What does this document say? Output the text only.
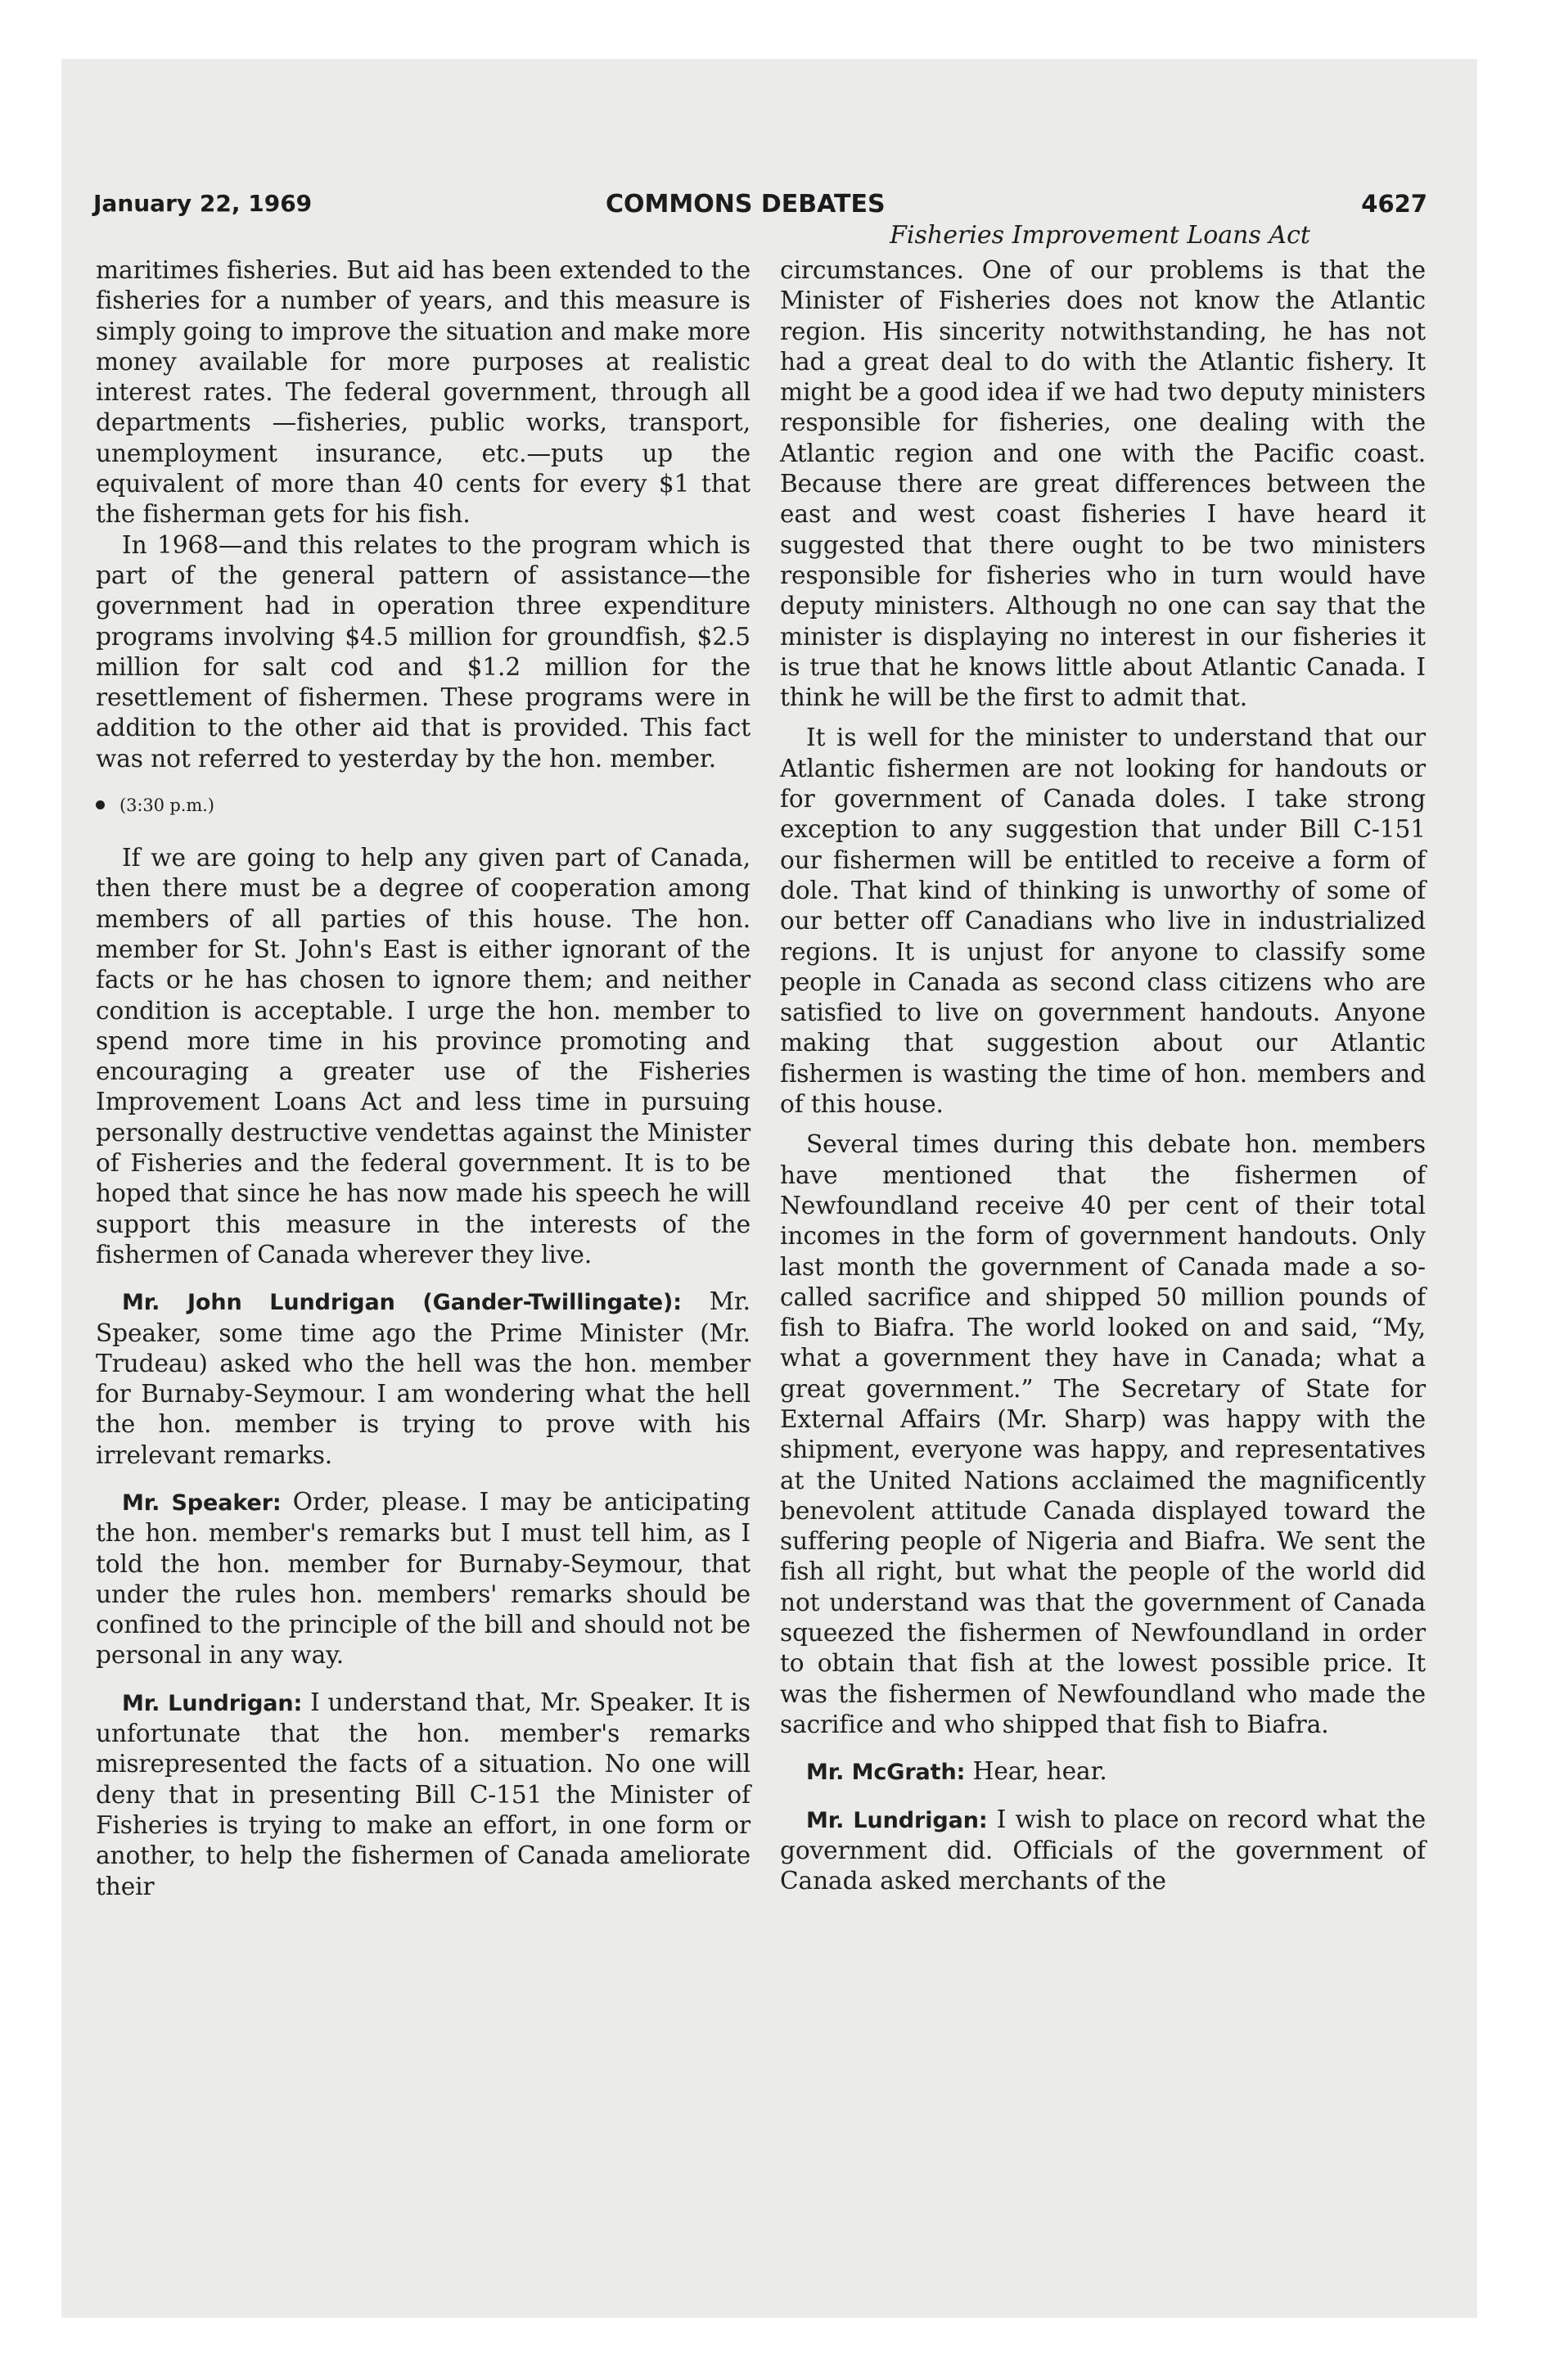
January 22, 1969	COMMONS DEBATES	4627
Fisheries Improvement Loans Act

maritimes fisheries. But aid has been extended to the fisheries for a number of years, and this measure is simply going to improve the situation and make more money available for more purposes at realistic interest rates. The federal government, through all departments —fisheries, public works, transport, unemployment insurance, etc.—puts up the equivalent of more than 40 cents for every $1 that the fisherman gets for his fish.

In 1968—and this relates to the program which is part of the general pattern of assistance—the government had in operation three expenditure programs involving $4.5 million for groundfish, $2.5 million for salt cod and $1.2 million for the resettlement of fishermen. These programs were in addition to the other aid that is provided. This fact was not referred to yesterday by the hon. member.

(3:30 p.m.)

If we are going to help any given part of Canada, then there must be a degree of cooperation among members of all parties of this house. The hon. member for St. John's East is either ignorant of the facts or he has chosen to ignore them; and neither condition is acceptable. I urge the hon. member to spend more time in his province promoting and encouraging a greater use of the Fisheries Improvement Loans Act and less time in pursuing personally destructive vendettas against the Minister of Fisheries and the federal government. It is to be hoped that since he has now made his speech he will support this measure in the interests of the fishermen of Canada wherever they live.

Mr. John Lundrigan (Gander-Twillingate): Mr. Speaker, some time ago the Prime Minister (Mr. Trudeau) asked who the hell was the hon. member for Burnaby-Seymour. I am wondering what the hell the hon. member is trying to prove with his irrelevant remarks.

Mr. Speaker: Order, please. I may be anticipating the hon. member's remarks but I must tell him, as I told the hon. member for Burnaby-Seymour, that under the rules hon. members' remarks should be confined to the principle of the bill and should not be personal in any way.

Mr. Lundrigan: I understand that, Mr. Speaker. It is unfortunate that the hon. member's remarks misrepresented the facts of a situation. No one will deny that in presenting Bill C-151 the Minister of Fisheries is trying to make an effort, in one form or another, to help the fishermen of Canada ameliorate their

circumstances. One of our problems is that the Minister of Fisheries does not know the Atlantic region. His sincerity notwithstanding, he has not had a great deal to do with the Atlantic fishery. It might be a good idea if we had two deputy ministers responsible for fisheries, one dealing with the Atlantic region and one with the Pacific coast. Because there are great differences between the east and west coast fisheries I have heard it suggested that there ought to be two ministers responsible for fisheries who in turn would have deputy ministers. Although no one can say that the minister is displaying no interest in our fisheries it is true that he knows little about Atlantic Canada. I think he will be the first to admit that.

It is well for the minister to understand that our Atlantic fishermen are not looking for handouts or for government of Canada doles. I take strong exception to any suggestion that under Bill C-151 our fishermen will be entitled to receive a form of dole. That kind of thinking is unworthy of some of our better off Canadians who live in industrialized regions. It is unjust for anyone to classify some people in Canada as second class citizens who are satisfied to live on government handouts. Anyone making that suggestion about our Atlantic fishermen is wasting the time of hon. members and of this house.

Several times during this debate hon. members have mentioned that the fishermen of Newfoundland receive 40 per cent of their total incomes in the form of government handouts. Only last month the government of Canada made a so-called sacrifice and shipped 50 million pounds of fish to Biafra. The world looked on and said, “My, what a government they have in Canada; what a great government.” The Secretary of State for External Affairs (Mr. Sharp) was happy with the shipment, everyone was happy, and representatives at the United Nations acclaimed the magnificently benevolent attitude Canada displayed toward the suffering people of Nigeria and Biafra. We sent the fish all right, but what the people of the world did not understand was that the government of Canada squeezed the fishermen of Newfoundland in order to obtain that fish at the lowest possible price. It was the fishermen of Newfoundland who made the sacrifice and who shipped that fish to Biafra.

Mr. McGrath: Hear, hear.

Mr. Lundrigan: I wish to place on record what the government did. Officials of the government of Canada asked merchants of the
